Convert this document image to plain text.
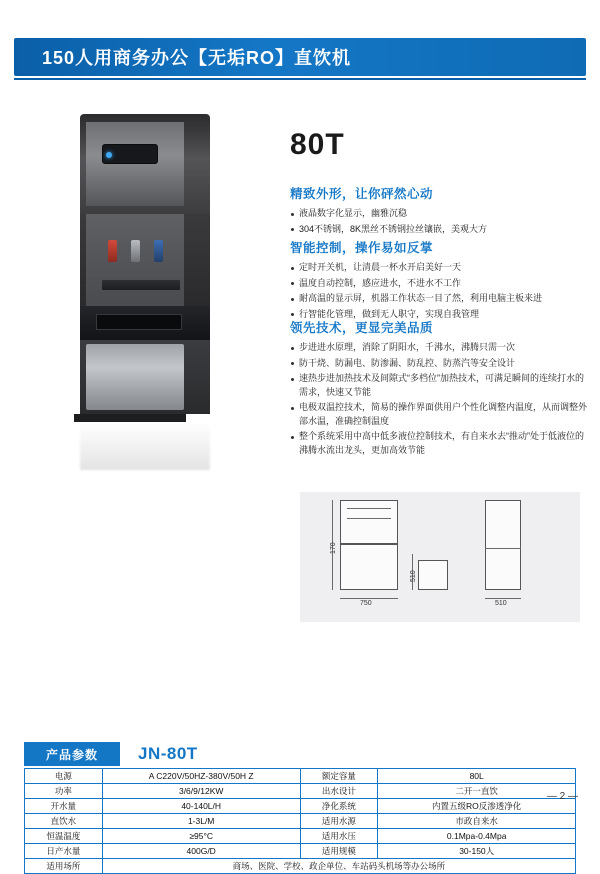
150人用商务办公【无垢RO】直饮机
80T
精致外形，让你砰然心动
液晶数字化显示，幽雅沉稳
304不锈钢，8K黑丝不锈钢拉丝镶嵌，美观大方
智能控制，操作易如反掌
定时开关机，让清晨一杯水开启美好一天
温度自动控制，感应进水，不进水不工作
耐高温的显示屏，机器工作状态一目了然，利用电脑主板来进
行智能化管理，做到无人职守，实现自我管理
领先技术，更显完美品质
步进进水原理，消除了阴阳水，千沸水，沸腾只需一次
防干烧、防漏电、防渗漏、防乱控、防蒸汽等安全设计
速热步进加热技术及间隙式“多档位”加热技术，可满足瞬间的连续打水的需求，快速又节能
电极双温控技术，简易的操作界面供用户个性化调整内温度，从而调整外部水温，准确控制温度
整个系统采用中高中低多液位控制技术，有自来水去“推动”处于低液位的沸腾水流出龙头，更加高效节能
170
750
510
510
产品参数	JN-80T
电源	A C220V/50HZ-380V/50H Z	额定容量	80L
功率	3/6/9/12KW	出水设计	二开一直饮
开水量	40-140L/H	净化系统	内置五级RO反渗透净化
直饮水	1-3L/M	适用水源	市政自来水
恒温温度	≥95°C	适用水压	0.1Mpa-0.4Mpa
日产水量	400G/D	适用规模	30-150人
适用场所	商场、医院、学校、政企单位、车站码头机场等办公场所		
— 2 —
